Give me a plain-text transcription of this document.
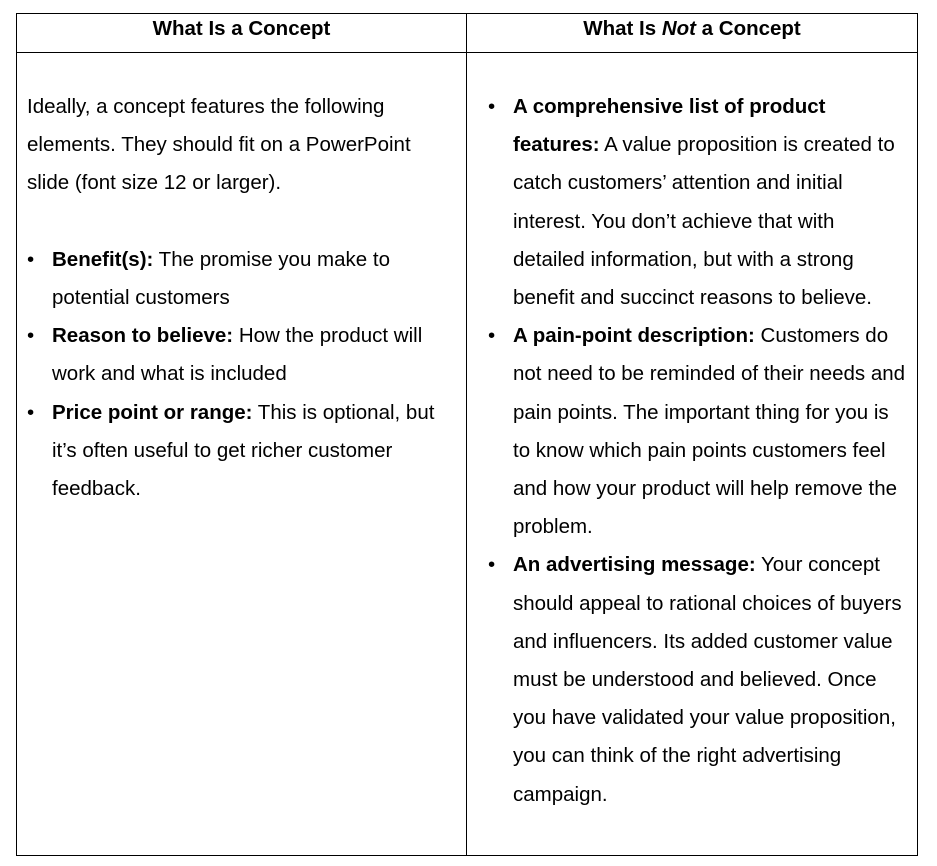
What Is a Concept

Ideally, a concept features the following elements. They should fit on a PowerPoint slide (font size 12 or larger).

• Benefit(s): The promise you make to potential customers
• Reason to believe: How the product will work and what is included
• Price point or range: This is optional, but it’s often useful to get richer customer feedback.
What Is Not a Concept
• A comprehensive list of product features: A value proposition is created to catch customers’ attention and initial interest. You don’t achieve that with detailed information, but with a strong benefit and succinct reasons to believe.
• A pain-point description: Customers do not need to be reminded of their needs and pain points. The important thing for you is to know which pain points customers feel and how your product will help remove the problem.
• An advertising message: Your concept should appeal to rational choices of buyers and influencers. Its added customer value must be understood and believed. Once you have validated your value proposition, you can think of the right advertising campaign.
